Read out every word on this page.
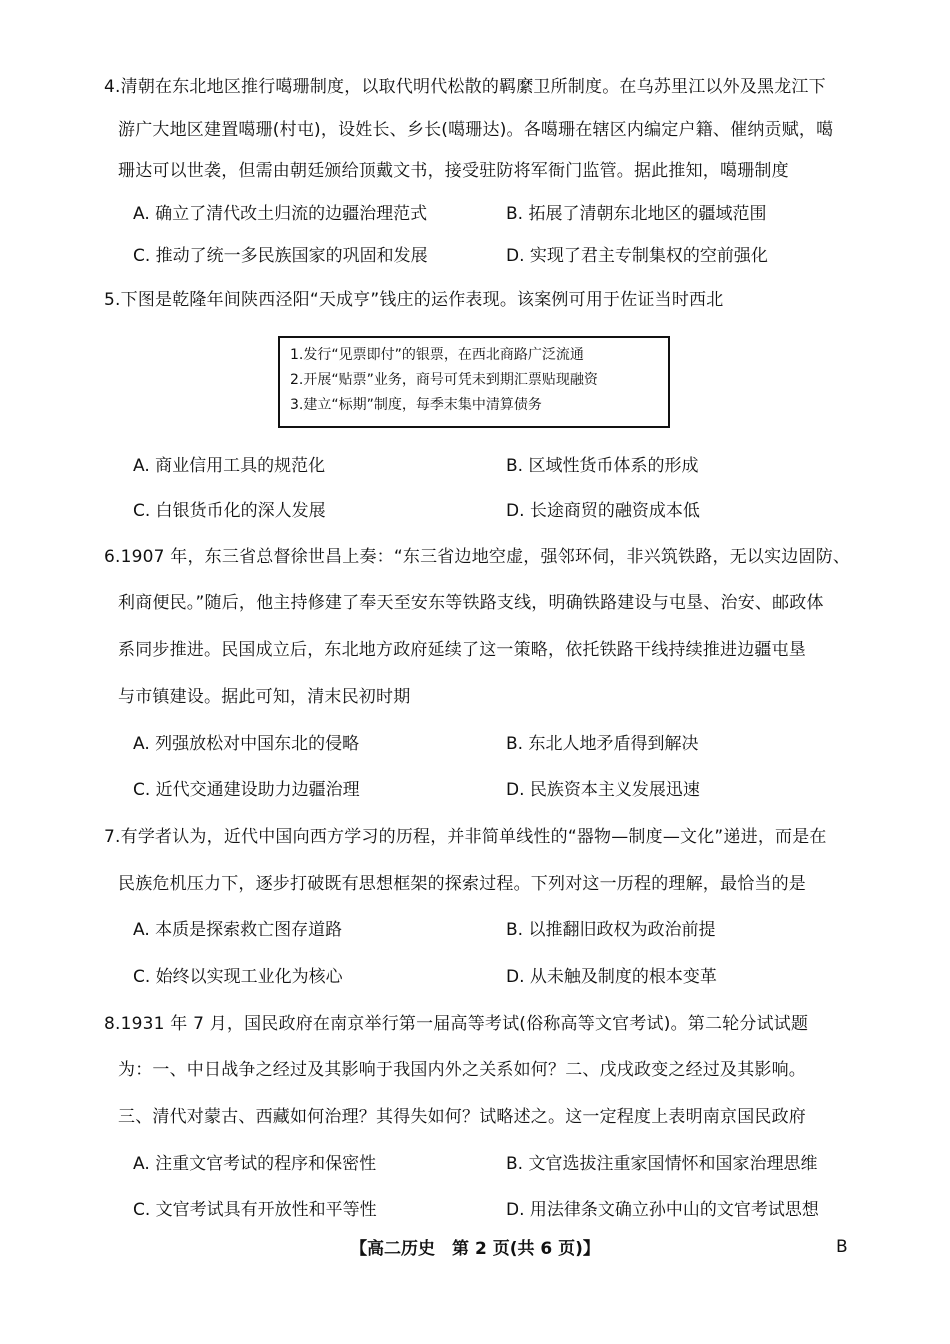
4.清朝在东北地区推行噶珊制度，以取代明代松散的羁縻卫所制度。在乌苏里江以外及黑龙江下
游广大地区建置噶珊(村屯)，设姓长、乡长(噶珊达)。各噶珊在辖区内编定户籍、催纳贡赋，噶
珊达可以世袭，但需由朝廷颁给顶戴文书，接受驻防将军衙门监管。据此推知，噶珊制度
A. 确立了清代改土归流的边疆治理范式	B. 拓展了清朝东北地区的疆域范围
C. 推动了统一多民族国家的巩固和发展	D. 实现了君主专制集权的空前强化
5.下图是乾隆年间陕西泾阳“天成亨”钱庄的运作表现。该案例可用于佐证当时西北
1.发行“见票即付”的银票，在西北商路广泛流通
2.开展“贴票”业务，商号可凭未到期汇票贴现融资
3.建立“标期”制度，每季末集中清算债务
A. 商业信用工具的规范化	B. 区域性货币体系的形成
C. 白银货币化的深人发展	D. 长途商贸的融资成本低
6.1907 年，东三省总督徐世昌上奏：“东三省边地空虚，强邻环伺，非兴筑铁路，无以实边固防、
利商便民。”随后，他主持修建了奉天至安东等铁路支线，明确铁路建设与屯垦、治安、邮政体
系同步推进。民国成立后，东北地方政府延续了这一策略，依托铁路干线持续推进边疆屯垦
与市镇建设。据此可知，清末民初时期
A. 列强放松对中国东北的侵略	B. 东北人地矛盾得到解决
C. 近代交通建设助力边疆治理	D. 民族资本主义发展迅速
7.有学者认为，近代中国向西方学习的历程，并非简单线性的“器物—制度—文化”递进，而是在
民族危机压力下，逐步打破既有思想框架的探索过程。下列对这一历程的理解，最恰当的是
A. 本质是探索救亡图存道路	B. 以推翻旧政权为政治前提
C. 始终以实现工业化为核心	D. 从未触及制度的根本变革
8.1931 年 7 月，国民政府在南京举行第一届高等考试(俗称高等文官考试)。第二轮分试试题
为：一、中日战争之经过及其影响于我国内外之关系如何？二、戊戌政变之经过及其影响。
三、清代对蒙古、西藏如何治理？其得失如何？试略述之。这一定程度上表明南京国民政府
A. 注重文官考试的程序和保密性	B. 文官选拔注重家国情怀和国家治理思维
C. 文官考试具有开放性和平等性	D. 用法律条文确立孙中山的文官考试思想
【高二历史　第 2 页(共 6 页)】	B
